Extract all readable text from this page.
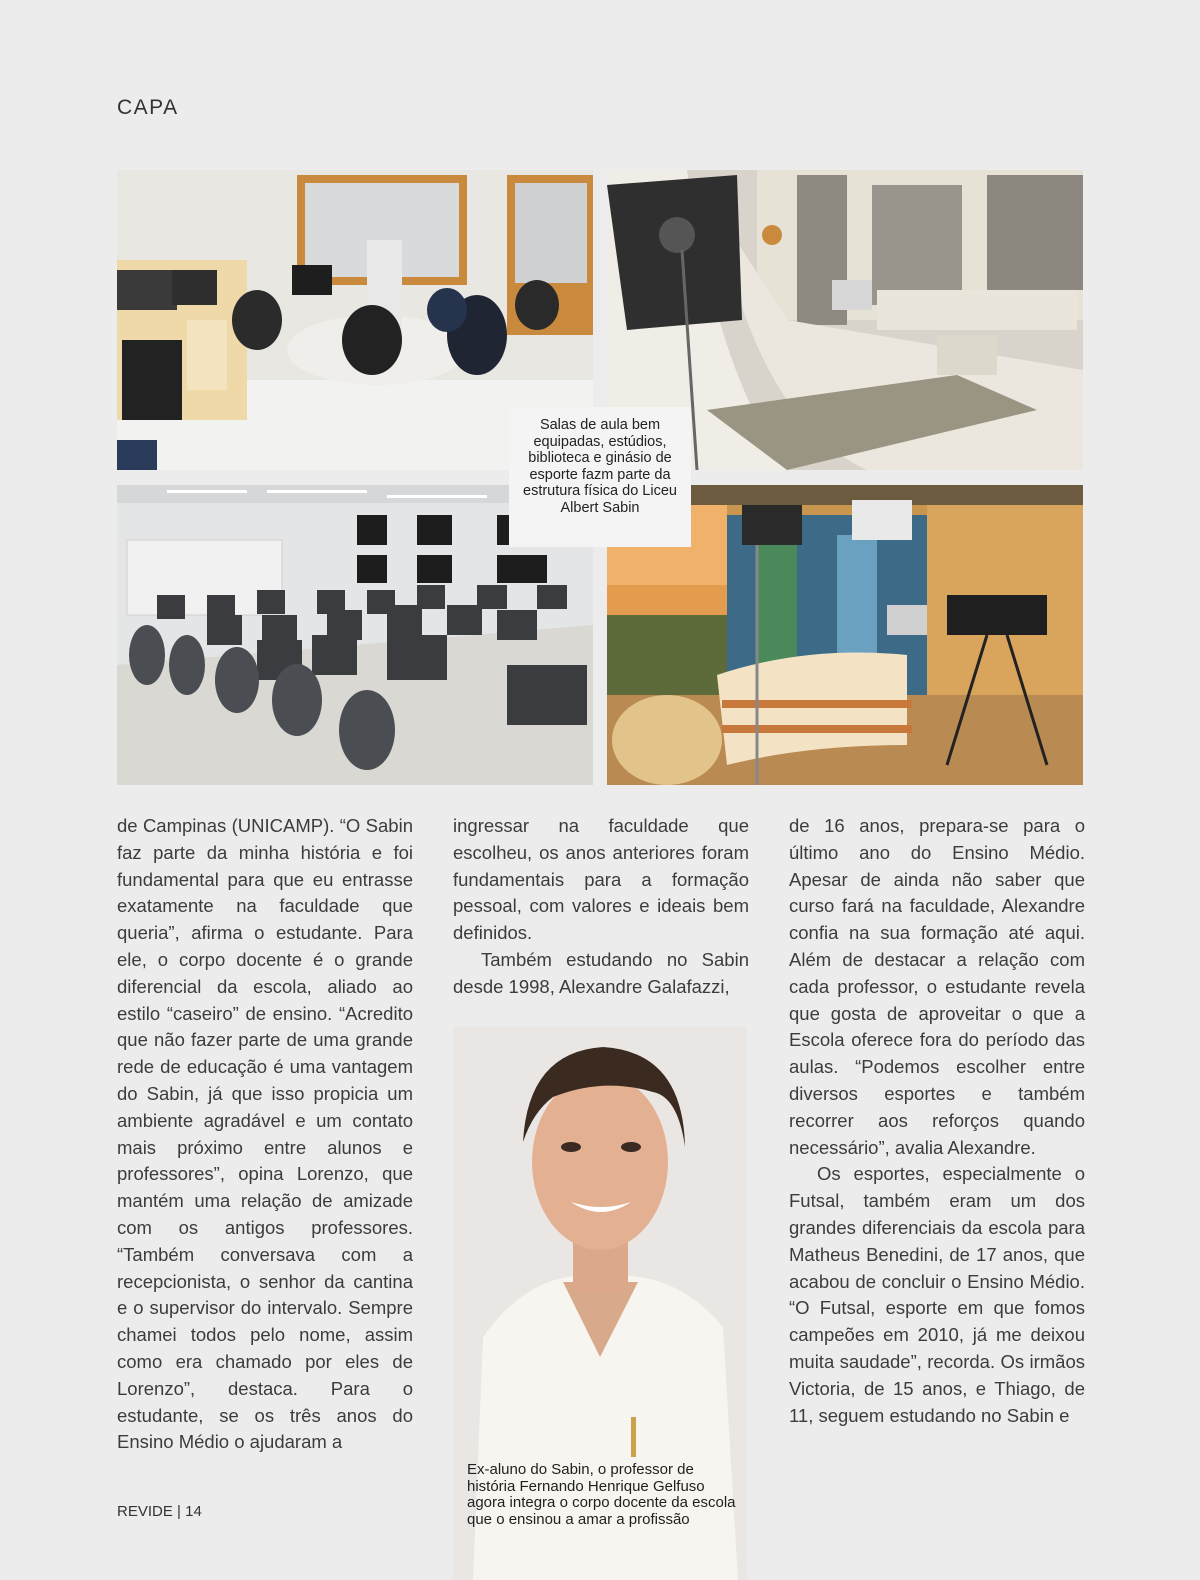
CAPA
Salas de aula bem equipadas, estúdios, biblioteca e ginásio de esporte fazm parte da estrutura física do Liceu Albert Sabin
Ex-aluno do Sabin, o professor de história Fernando Henrique Gelfuso agora integra o corpo docente da escola que o ensinou a amar a profissão

de Campinas (UNICAMP). “O Sabin faz parte da minha história e foi fundamental para que eu entrasse exatamente na faculdade que queria”, afirma o estudante. Para ele, o corpo docente é o grande diferencial da escola, aliado ao estilo “caseiro” de ensino. “Acredito que não fazer parte de uma grande rede de educação é uma vantagem do Sabin, já que isso propicia um ambiente agradável e um contato mais próximo entre alunos e professores”, opina Lorenzo, que mantém uma relação de amizade com os antigos professores. “Também conversava com a recepcionista, o senhor da cantina e o supervisor do intervalo. Sempre chamei todos pelo nome, assim como era chamado por eles de Lorenzo”, destaca. Para o estudante, se os três anos do Ensino Médio o ajudaram a

ingressar na faculdade que escolheu, os anos anteriores foram fundamentais para a formação pessoal, com valores e ideais bem definidos.

Também estudando no Sabin desde 1998, Alexandre Galafazzi,

de 16 anos, prepara-se para o último ano do Ensino Médio. Apesar de ainda não saber que curso fará na faculdade, Alexandre confia na sua formação até aqui. Além de destacar a relação com cada professor, o estudante revela que gosta de aproveitar o que a Escola oferece fora do período das aulas. “Podemos escolher entre diversos esportes e também recorrer aos reforços quando necessário”, avalia Alexandre.

Os esportes, especialmente o Futsal, também eram um dos grandes diferenciais da escola para Matheus Benedini, de 17 anos, que acabou de concluir o Ensino Médio. “O Futsal, esporte em que fomos campeões em 2010, já me deixou muita saudade”, recorda. Os irmãos Victoria, de 15 anos, e Thiago, de 11, seguem estudando no Sabin e

REVIDE | 14
